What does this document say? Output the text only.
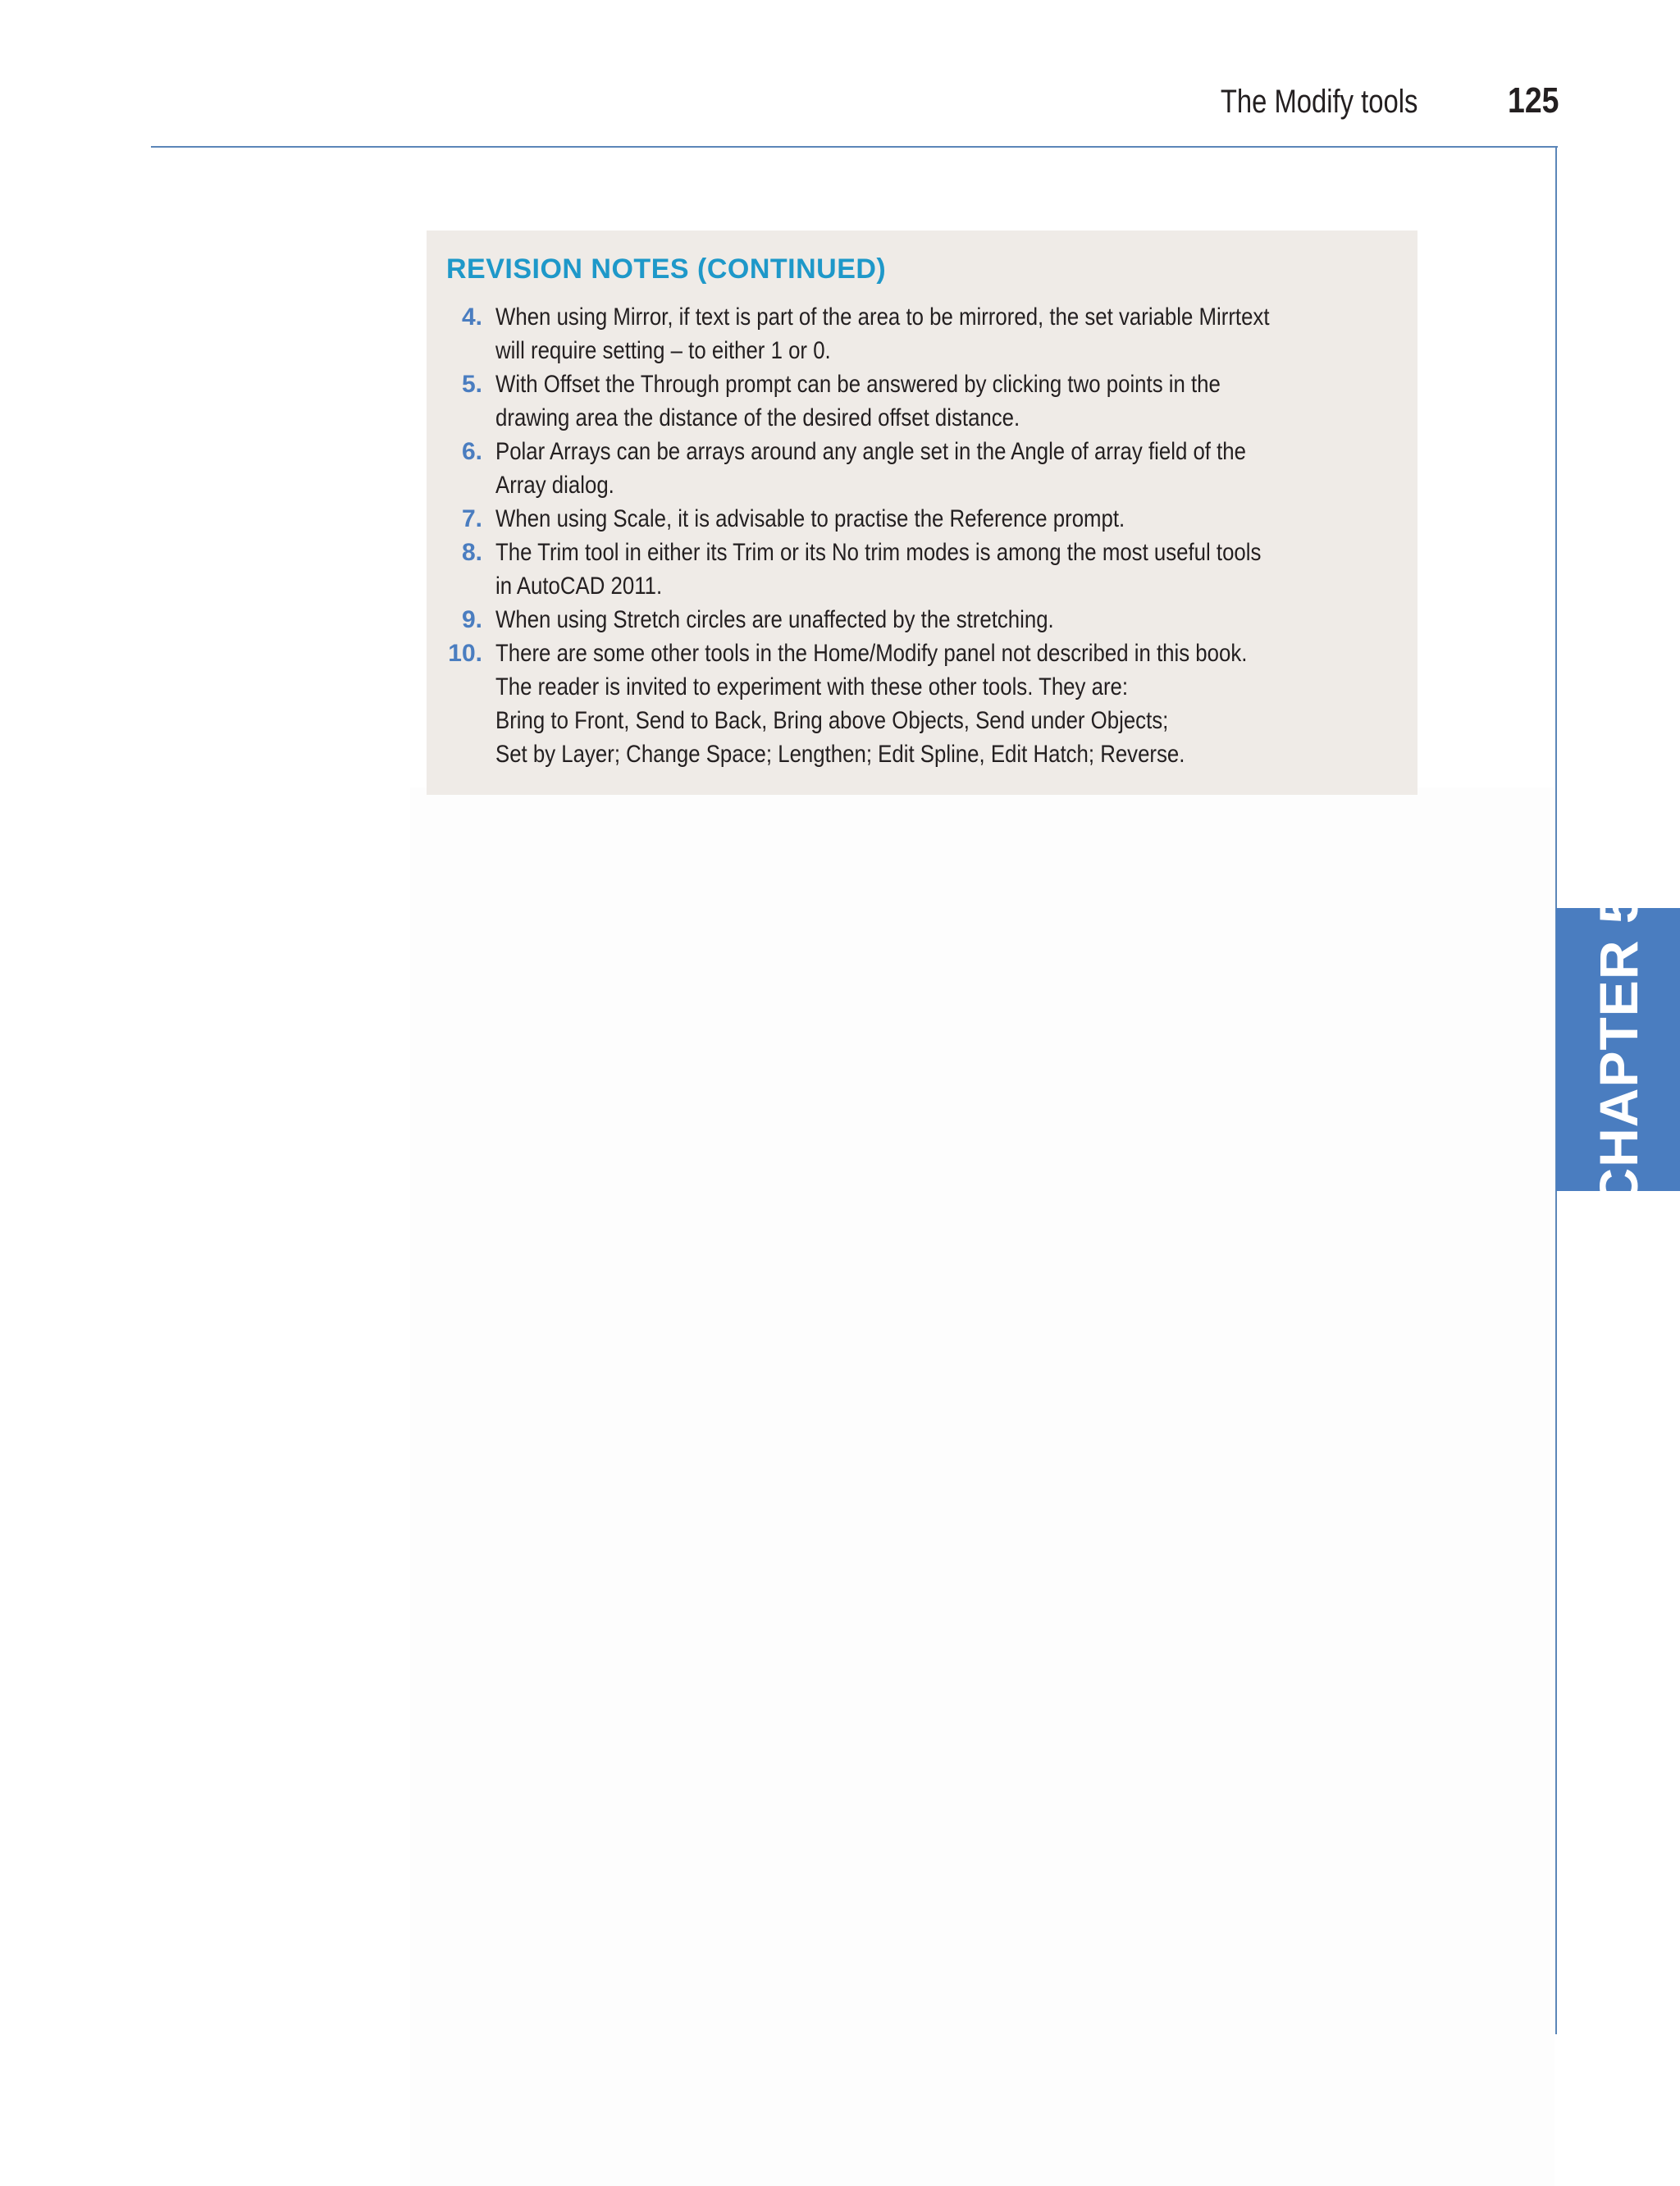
The Modify tools 125
REVISION NOTES (CONTINUED)
4. When using Mirror, if text is part of the area to be mirrored, the set variable Mirrtext will require setting – to either 1 or 0.
5. With Offset the Through prompt can be answered by clicking two points in the drawing area the distance of the desired offset distance.
6. Polar Arrays can be arrays around any angle set in the Angle of array field of the Array dialog.
7. When using Scale, it is advisable to practise the Reference prompt.
8. The Trim tool in either its Trim or its No trim modes is among the most useful tools in AutoCAD 2011.
9. When using Stretch circles are unaffected by the stretching.
10. There are some other tools in the Home/Modify panel not described in this book. The reader is invited to experiment with these other tools. They are:
Bring to Front, Send to Back, Bring above Objects, Send under Objects;
Set by Layer; Change Space; Lengthen; Edit Spline, Edit Hatch; Reverse.
CHAPTER 5
